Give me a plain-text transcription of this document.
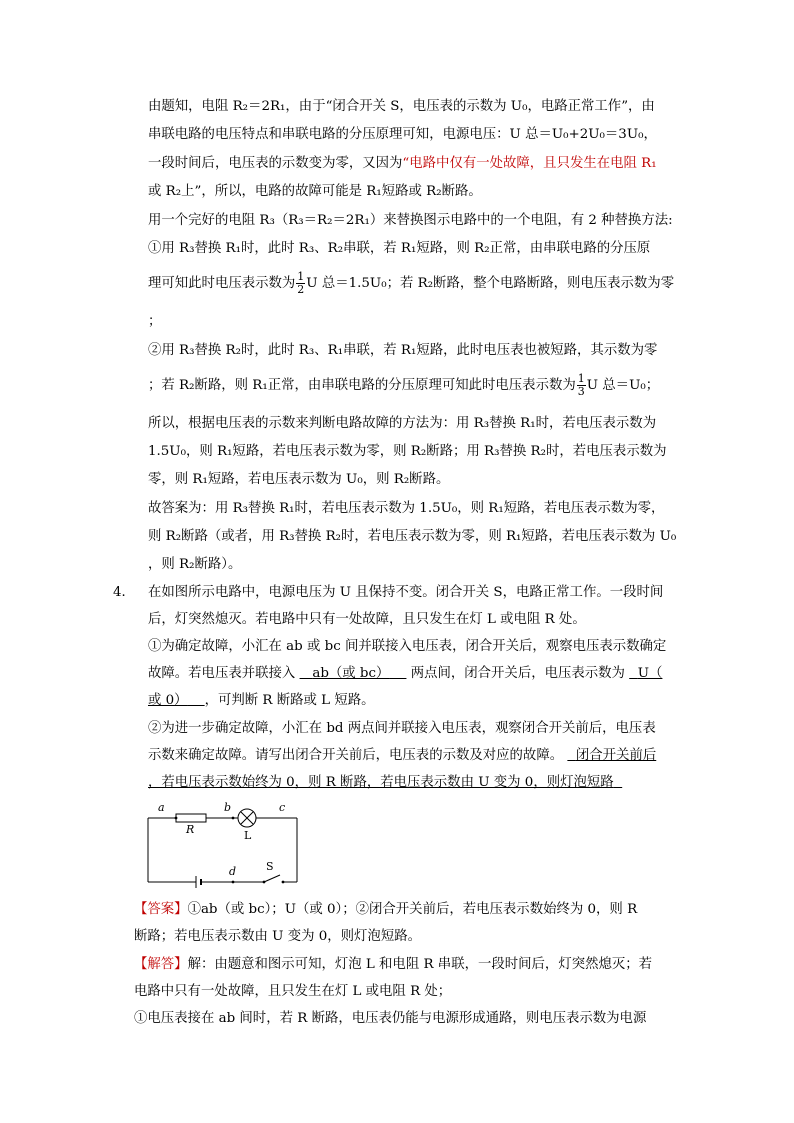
由题知，电阻 R₂＝2R₁，由于“闭合开关 S，电压表的示数为 U₀，电路正常工作”，由
串联电路的电压特点和串联电路的分压原理可知，电源电压：U 总＝U₀+2U₀＝3U₀，
一段时间后，电压表的示数变为零，又因为“电路中仅有一处故障，且只发生在电阻 R₁
或 R₂上”，所以，电路的故障可能是 R₁短路或 R₂断路。
用一个完好的电阻 R₃（R₃＝R₂＝2R₁）来替换图示电路中的一个电阻，有 2 种替换方法:
①用 R₃替换 R₁时，此时 R₃、R₂串联，若 R₁短路，则 R₂正常，由串联电路的分压原
理可知此时电压表示数为 $\frac{1}{2}$ U 总＝1.5U₀；若 R₂断路，整个电路断路，则电压表示数为零
；
②用 R₃替换 R₂时，此时 R₃、R₁串联，若 R₁短路，此时电压表也被短路，其示数为零
；若 R₂断路，则 R₁正常，由串联电路的分压原理可知此时电压表示数为 $\frac{1}{3}$ U 总＝U₀；
所以，根据电压表的示数来判断电路故障的方法为：用 R₃替换 R₁时，若电压表示数为
1.5U₀，则 R₁短路，若电压表示数为零，则 R₂断路；用 R₃替换 R₂时，若电压表示数为
零，则 R₁短路，若电压表示数为 U₀，则 R₂断路。
故答案为：用 R₃替换 R₁时，若电压表示数为 1.5U₀，则 R₁短路，若电压表示数为零，
则 R₂断路（或者，用 R₃替换 R₂时，若电压表示数为零，则 R₁短路，若电压表示数为 U₀
，则 R₂断路）。
4． 在如图所示电路中，电源电压为 U 且保持不变。闭合开关 S，电路正常工作。一段时间
后，灯突然熄灭。若电路中只有一处故障，且只发生在灯 L 或电阻 R 处。
①为确定故障，小汇在 ab 或 bc 间并联接入电压表，闭合开关后，观察电压表示数确定
故障。若电压表并联接入 ab（或 bc） 两点间，闭合开关后，电压表示数为 U（
或 0） ，可判断 R 断路或 L 短路。
②为进一步确定故障，小汇在 bd 两点间并联接入电压表，观察闭合开关前后，电压表
示数来确定故障。请写出闭合开关前后，电压表的示数及对应的故障。 闭合开关前后
，若电压表示数始终为 0，则 R 断路，若电压表示数由 U 变为 0，则灯泡短路
a
R
b
L
c
d	S
【答案】①ab（或 bc）；U（或 0）；②闭合开关前后，若电压表示数始终为 0，则 R
断路；若电压表示数由 U 变为 0，则灯泡短路。
【解答】解：由题意和图示可知，灯泡 L 和电阻 R 串联，一段时间后，灯突然熄灭；若
电路中只有一处故障，且只发生在灯 L 或电阻 R 处；
①电压表接在 ab 间时，若 R 断路，电压表仍能与电源形成通路，则电压表示数为电源
